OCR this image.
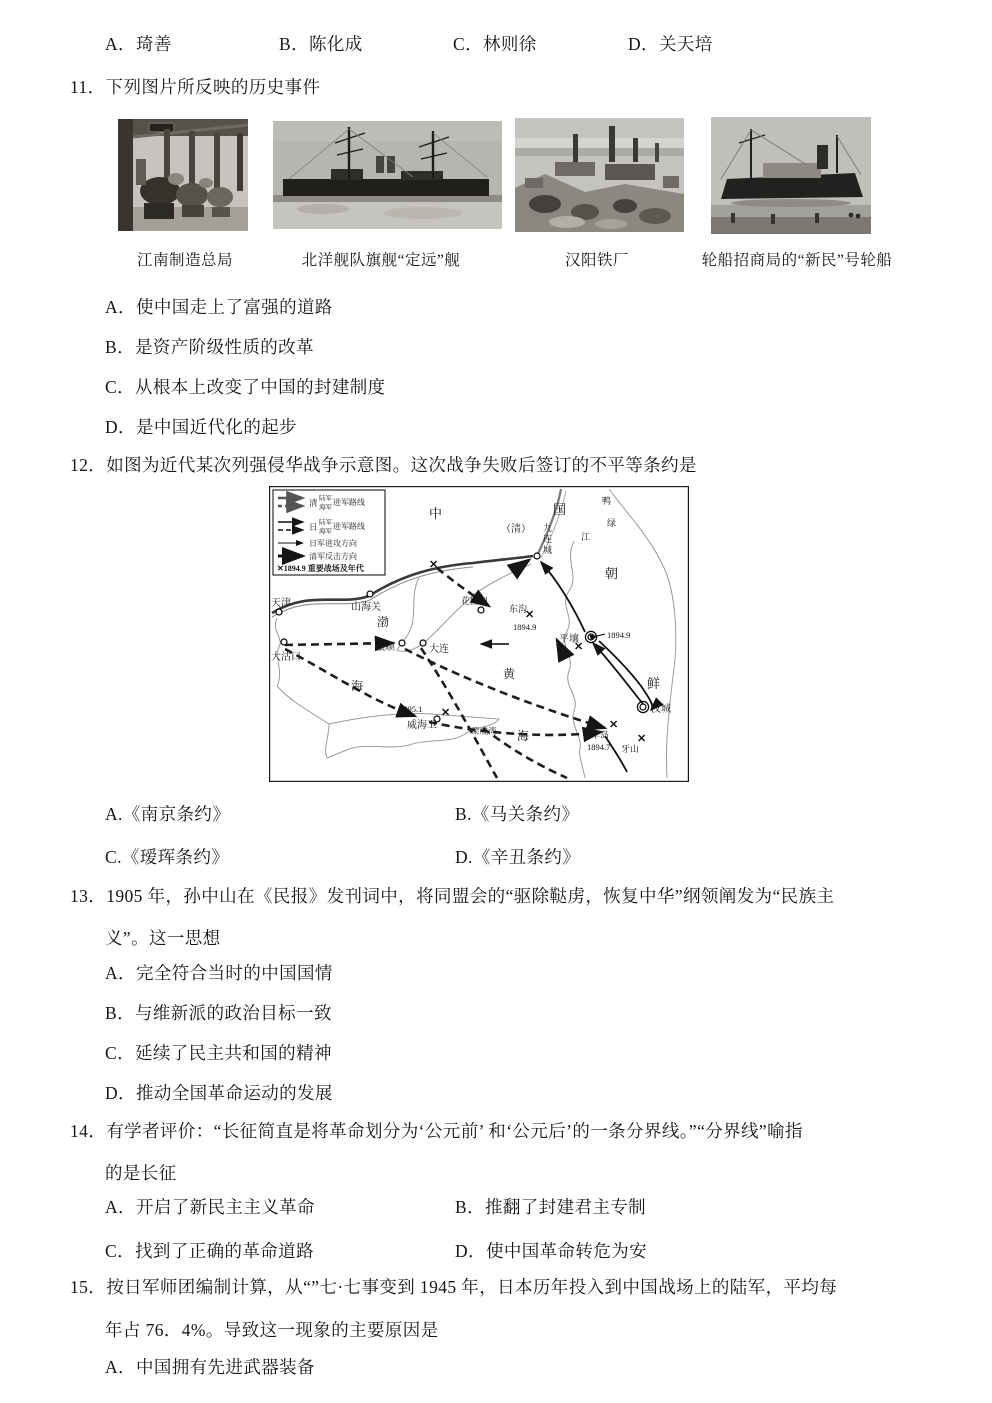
A．琦善	B．陈化成	C．林则徐	D．关天培
11．下列图片所反映的历史事件
江南制造总局	北洋舰队旗舰“定远”舰	汉阳铁厂	轮船招商局的“新民”号轮船
A．使中国走上了富强的道路
B．是资产阶级性质的改革
C．从根本上改变了中国的封建制度
D．是中国近代化的起步
12．如图为近代某次列强侵华战争示意图。这次战争失败后签订的不平等条约是
✕
✕
✕
✕
✕
✕
中	国
（清）
鸭
绿
江
九
连
城
朝
鲜
山海关
天津
大沽口
渤
海
花园口
东沟
1894.9
平壤	1894.9
旅顺	大连
黄
海
1895.1
威海卫	荣成湾
汉城
丰岛
1894.7 牙山
清 陆军
海军
进军路线
日 陆军
海军
进军路线
日军进攻方向
清军反击方向
✕1894.9 重要战场及年代
A.《南京条约》	B.《马关条约》
C.《瑷珲条约》	D.《辛丑条约》
13．1905 年，孙中山在《民报》发刊词中，将同盟会的“驱除鞑虏，恢复中华”纲领阐发为“民族主
义”。这一思想
A．完全符合当时的中国国情
B．与维新派的政治目标一致
C．延续了民主共和国的精神
D．推动全国革命运动的发展
14．有学者评价：“长征简直是将革命划分为‘公元前’ 和‘公元后’的一条分界线。”“分界线”喻指
的是长征
A．开启了新民主主义革命	B．推翻了封建君主专制
C．找到了正确的革命道路	D．使中国革命转危为安
15．按日军师团编制计算，从“”七·七事变到 1945 年，日本历年投入到中国战场上的陆军，平均每
年占 76．4%。导致这一现象的主要原因是
A．中国拥有先进武器装备
